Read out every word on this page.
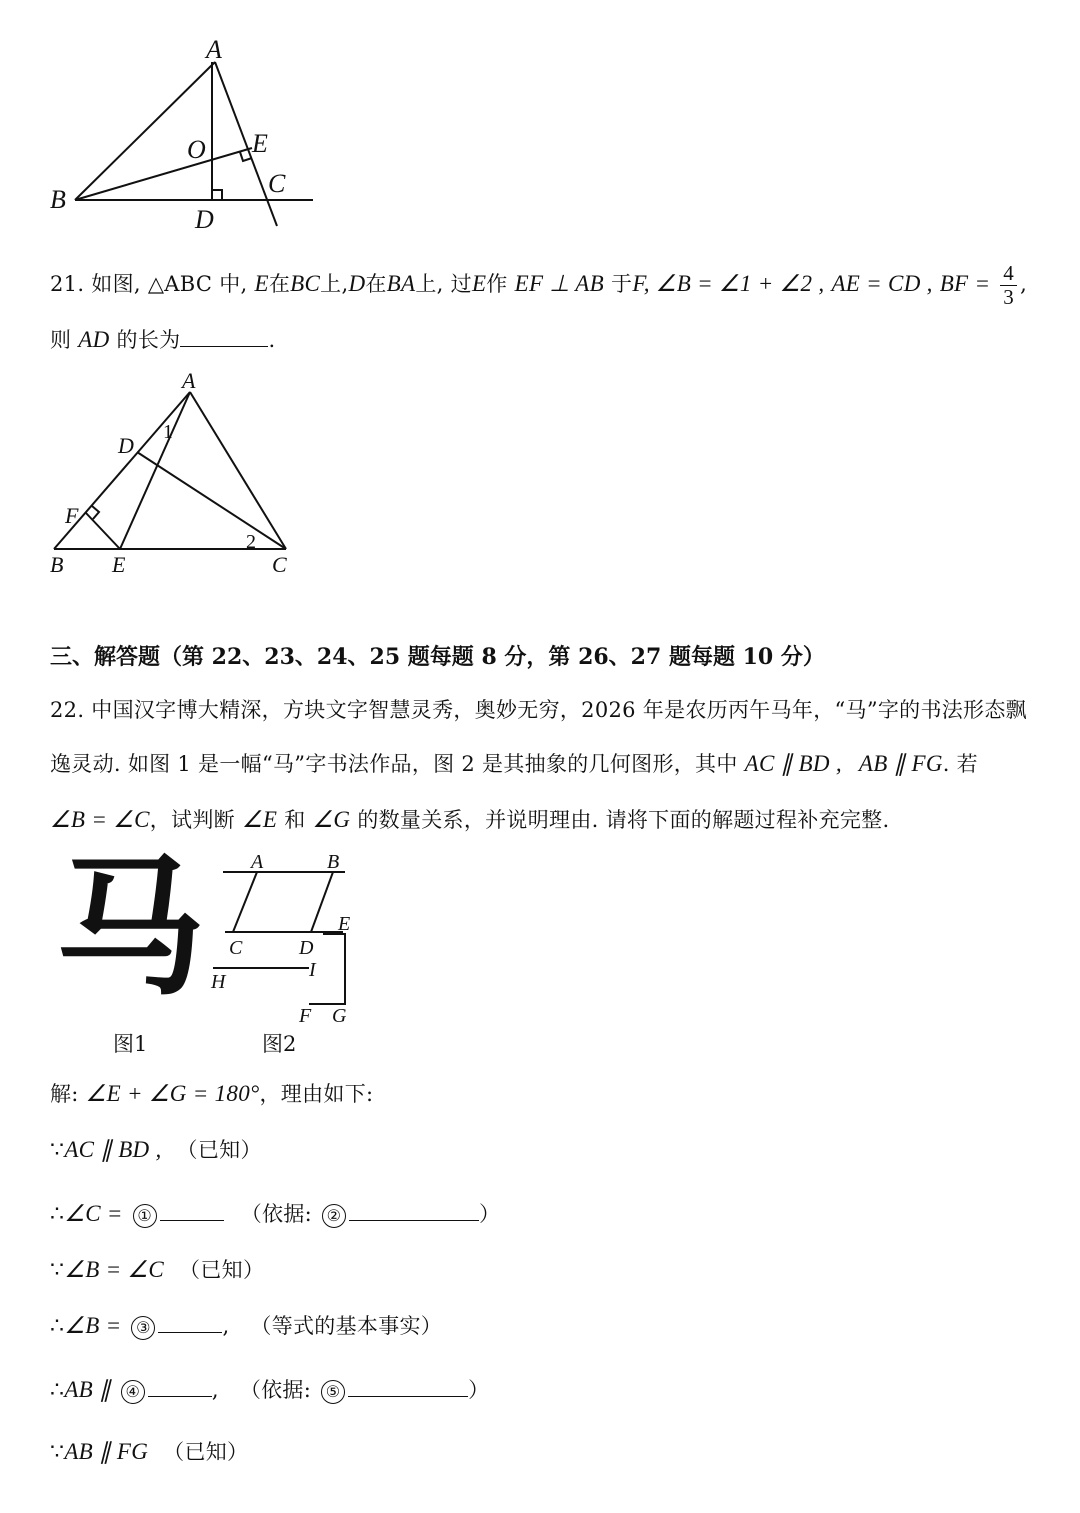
A
O E
C
B
D
21. 如图, △ABC 中, E在BC上,D在BA上, 过E作 EF ⊥ AB 于F, ∠B = ∠1 + ∠2 , AE = CD , BF = $\frac{4}{3}$ ,
则 AD 的长为	.
A
D
1
F
2
B E	C
三、解答题（第 22、23、24、25 题每题 8 分，第 26、27 题每题 10 分）
22. 中国汉字博大精深，方块文字智慧灵秀，奥妙无穷，2026 年是农历丙午马年，“马”字的书法形态飘
逸灵动. 如图 1 是一幅“马”字书法作品，图 2 是其抽象的几何图形，其中 AC ∥ BD , AB ∥ FG. 若
∠B = ∠C，试判断 ∠E 和 ∠G 的数量关系，并说明理由. 请将下面的解题过程补充完整.
马
图1
A	B
E
C	D
H
I
F G
图2
解: ∠E + ∠G = 180°，理由如下:
∵AC ∥ BD , （已知）
∴∠C = ①	（依据: ②	）
∵∠B = ∠C （已知）
∴∠B = ③	, （等式的基本事实）
∴AB ∥ ④	, （依据: ⑤	）
∵AB ∥ FG （已知）
